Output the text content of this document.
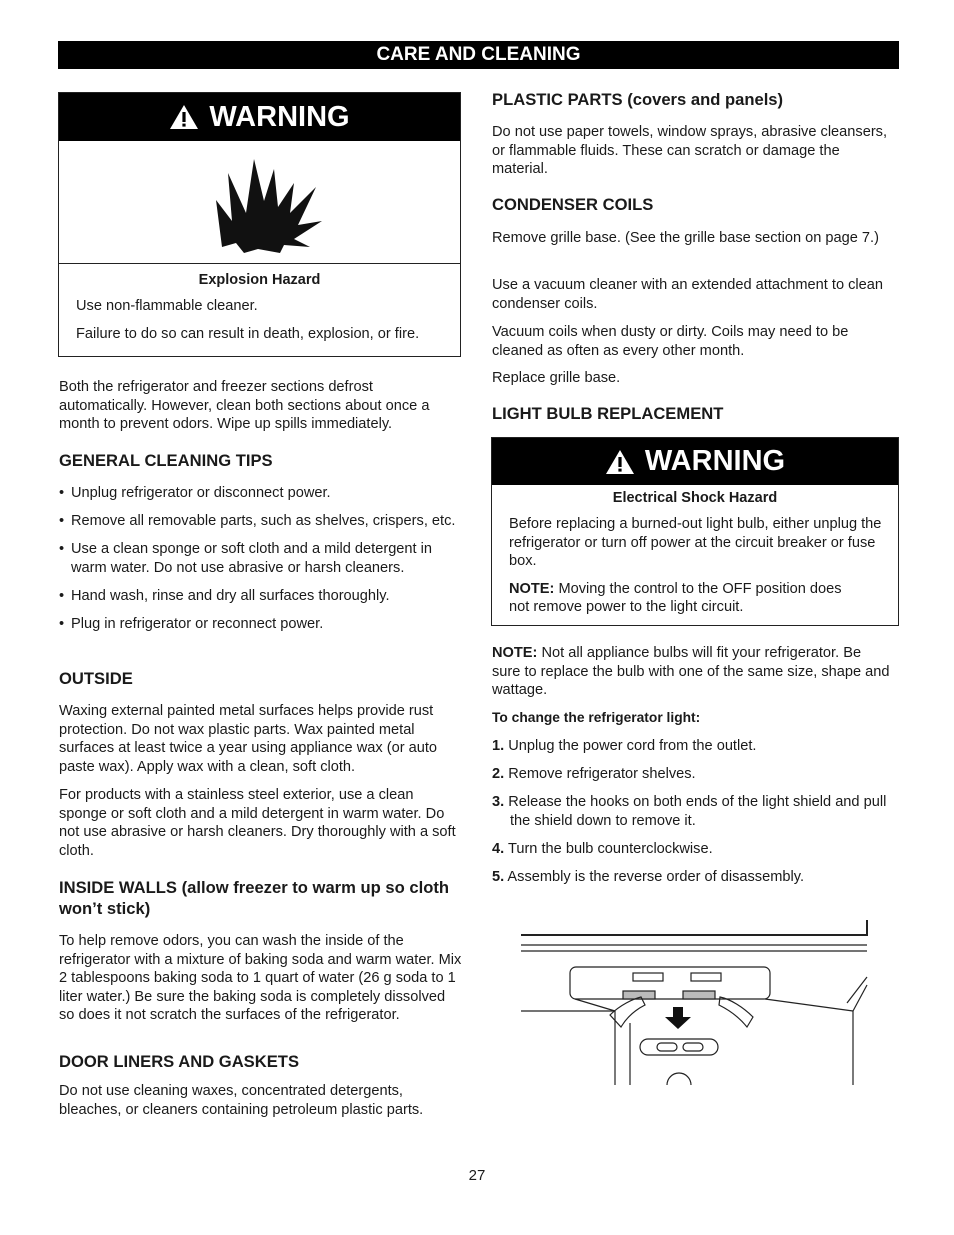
CARE AND CLEANING
WARNING
Explosion Hazard

Use non-flammable cleaner.

Failure to do so can result in death, explosion, or fire.

Both the refrigerator and freezer sections defrost automatically. However, clean both sections about once a month to prevent odors. Wipe up spills immediately.

GENERAL CLEANING TIPS

• Unplug refrigerator or disconnect power.

• Remove all removable parts, such as shelves, crispers, etc.

• Use a clean sponge or soft cloth and a mild detergent in warm water. Do not use abrasive or harsh cleaners.

• Hand wash, rinse and dry all surfaces thoroughly.

• Plug in refrigerator or reconnect power.

OUTSIDE

Waxing external painted metal surfaces helps provide rust protection. Do not wax plastic parts. Wax painted metal surfaces at least twice a year using appliance wax (or auto paste wax). Apply wax with a clean, soft cloth.

For products with a stainless steel exterior, use a clean sponge or soft cloth and a mild detergent in warm water. Do not use abrasive or harsh cleaners. Dry thoroughly with a soft cloth.

INSIDE WALLS (allow freezer to warm up so cloth won’t stick)

To help remove odors, you can wash the inside of the refrigerator with a mixture of baking soda and warm water. Mix 2 tablespoons baking soda to 1 quart of water (26 g soda to 1 liter water.) Be sure the baking soda is completely dissolved so does it not scratch the surfaces of the refrigerator.

DOOR LINERS AND GASKETS

Do not use cleaning waxes, concentrated detergents, bleaches, or cleaners containing petroleum plastic parts.

PLASTIC PARTS (covers and panels)

Do not use paper towels, window sprays, abrasive cleansers, or flammable fluids. These can scratch or damage the material.

CONDENSER COILS

Remove grille base. (See the grille base section on page 7.)

Use a vacuum cleaner with an extended attachment to clean condenser coils.

Vacuum coils when dusty or dirty. Coils may need to be cleaned as often as every other month.

Replace grille base.

LIGHT BULB REPLACEMENT
WARNING
Electrical Shock Hazard

Before replacing a burned-out light bulb, either unplug the refrigerator or turn off power at the circuit breaker or fuse box.

NOTE: Moving the control to the OFF position does not remove power to the light circuit.

NOTE: Not all appliance bulbs will fit your refrigerator. Be sure to replace the bulb with one of the same size, shape and wattage.

To change the refrigerator light:

1. Unplug the power cord from the outlet.

2. Remove refrigerator shelves.

3. Release the hooks on both ends of the light shield and pull the shield down to remove it.

4. Turn the bulb counterclockwise.

5. Assembly is the reverse order of disassembly.

27
